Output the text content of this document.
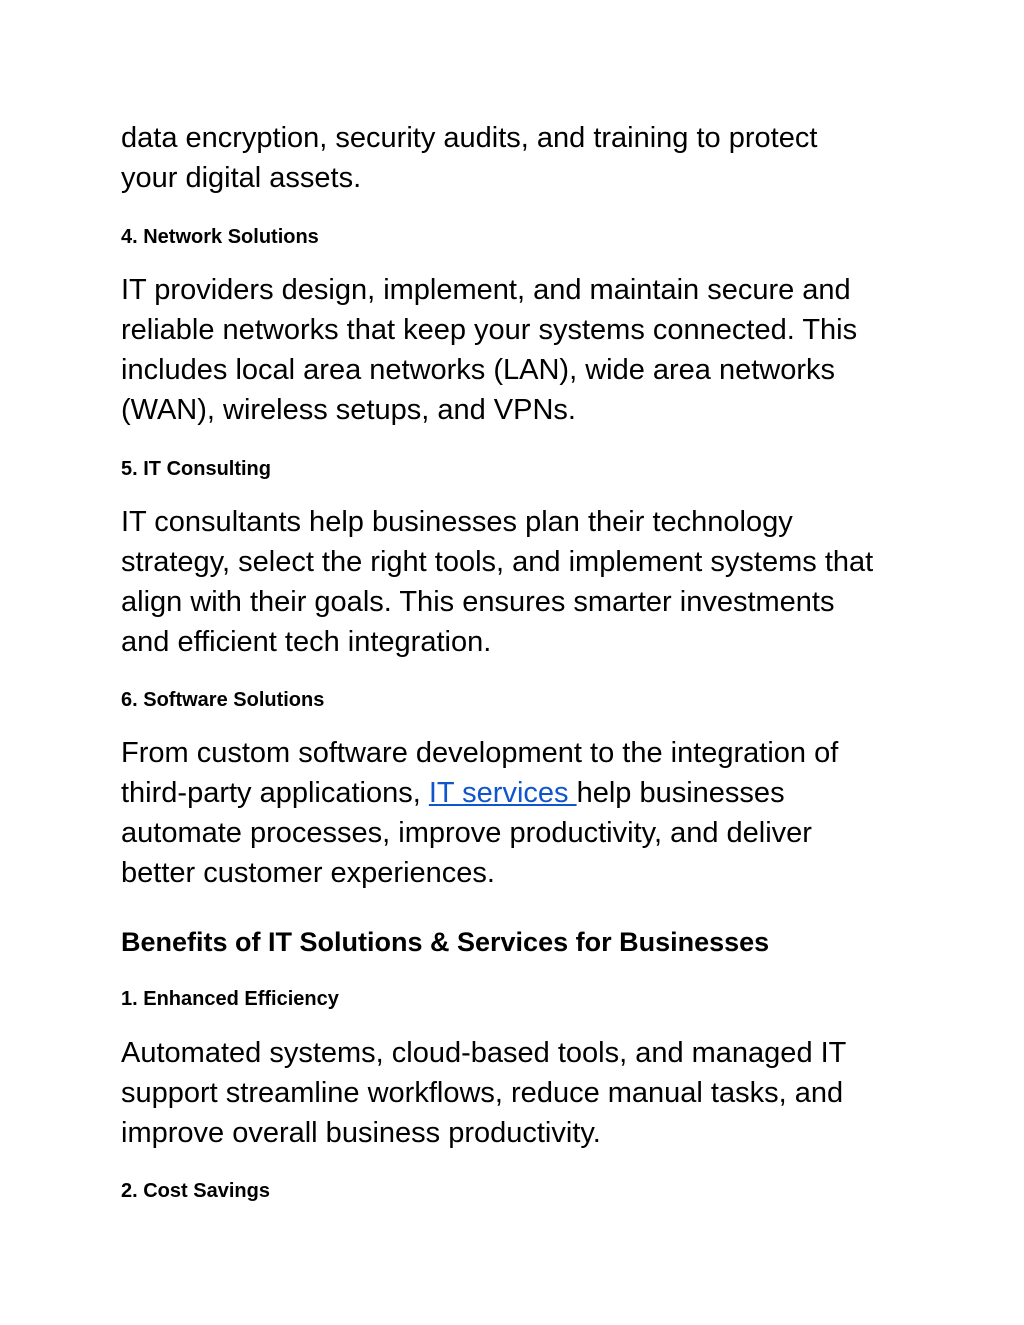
data encryption, security audits, and training to protect
your digital assets.

4. Network Solutions

IT providers design, implement, and maintain secure and
reliable networks that keep your systems connected. This
includes local area networks (LAN), wide area networks
(WAN), wireless setups, and VPNs.

5. IT Consulting

IT consultants help businesses plan their technology
strategy, select the right tools, and implement systems that
align with their goals. This ensures smarter investments
and efficient tech integration.

6. Software Solutions

From custom software development to the integration of
third-party applications, IT services help businesses
automate processes, improve productivity, and deliver
better customer experiences.

Benefits of IT Solutions & Services for Businesses
1. Enhanced Efficiency

Automated systems, cloud-based tools, and managed IT
support streamline workflows, reduce manual tasks, and
improve overall business productivity.

2. Cost Savings
